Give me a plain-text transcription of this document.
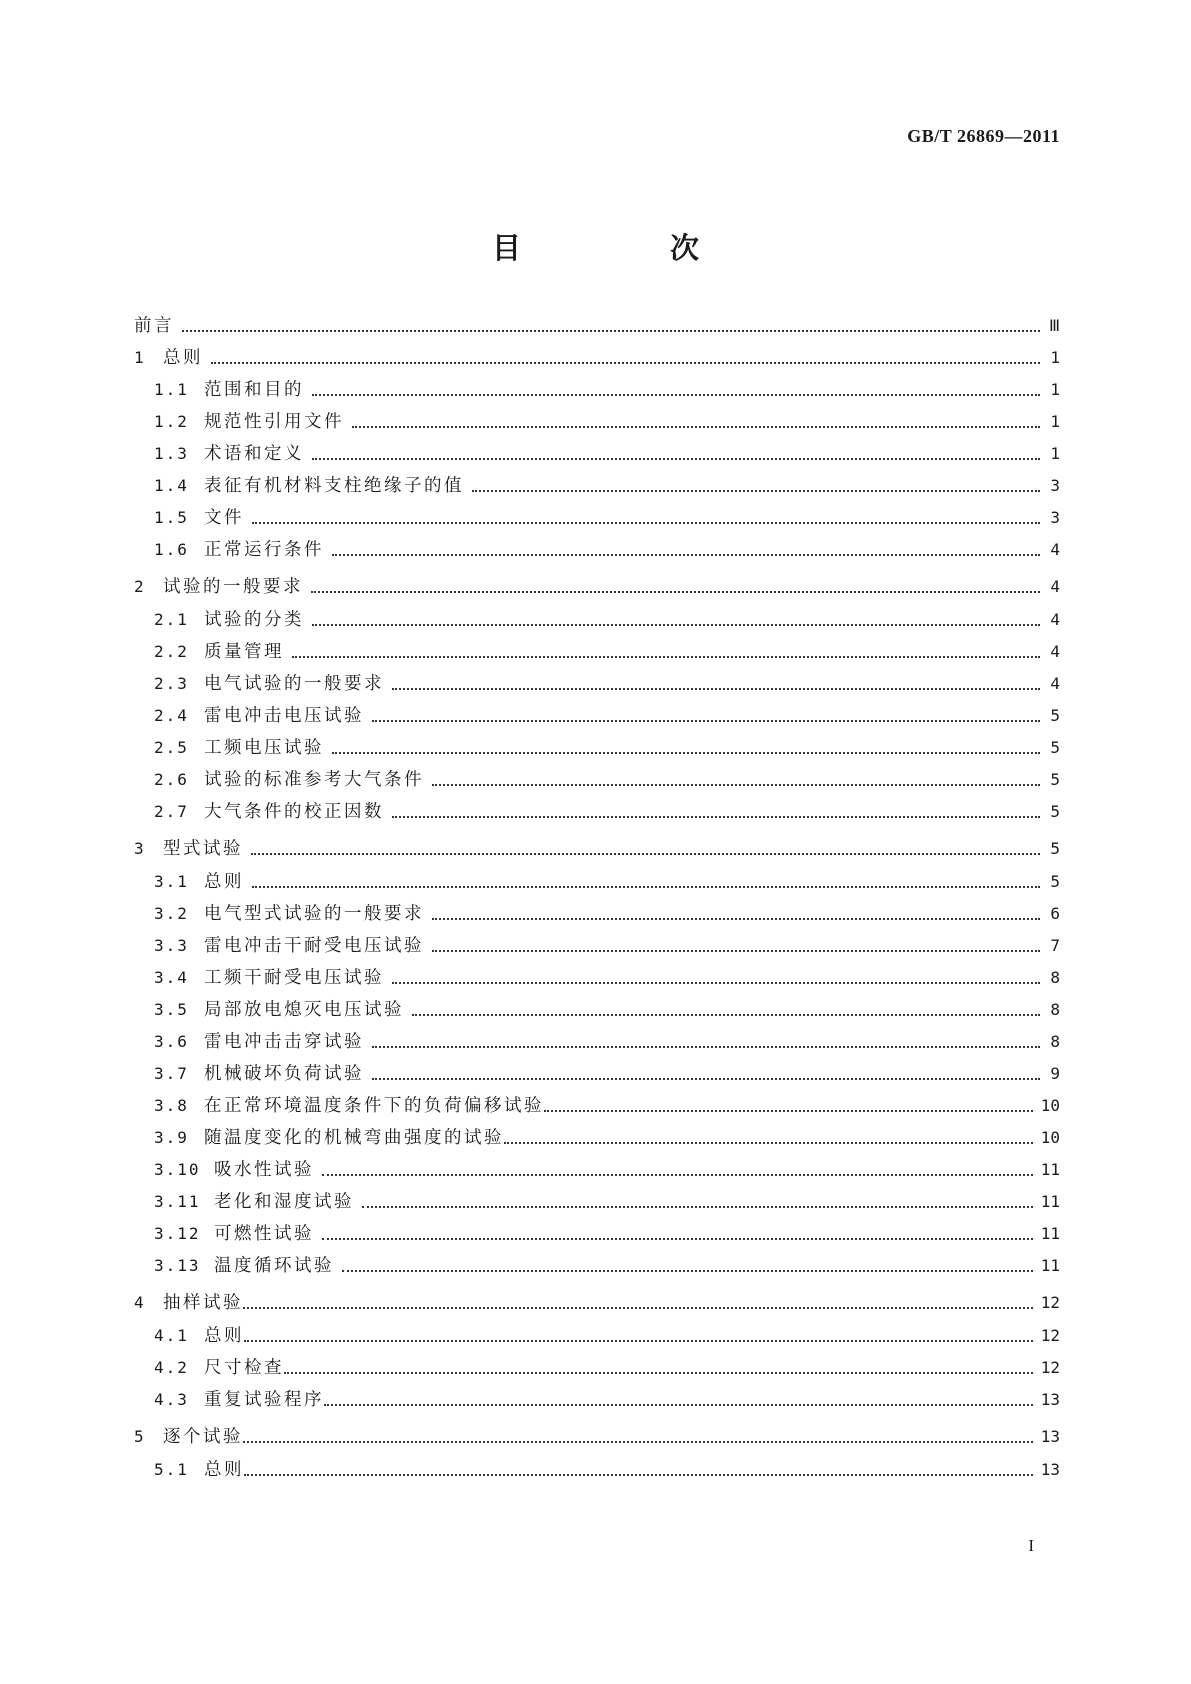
GB/T 26869—2011
目　次
前言	Ⅲ
1 总则	1
1.1 范围和目的	1
1.2 规范性引用文件	1
1.3 术语和定义	1
1.4 表征有机材料支柱绝缘子的值	3
1.5 文件	3
1.6 正常运行条件	4
2 试验的一般要求	4
2.1 试验的分类	4
2.2 质量管理	4
2.3 电气试验的一般要求	4
2.4 雷电冲击电压试验	5
2.5 工频电压试验	5
2.6 试验的标准参考大气条件	5
2.7 大气条件的校正因数	5
3 型式试验	5
3.1 总则	5
3.2 电气型式试验的一般要求	6
3.3 雷电冲击干耐受电压试验	7
3.4 工频干耐受电压试验	8
3.5 局部放电熄灭电压试验	8
3.6 雷电冲击击穿试验	8
3.7 机械破坏负荷试验	9
3.8 在正常环境温度条件下的负荷偏移试验	10
3.9 随温度变化的机械弯曲强度的试验	10
3.10 吸水性试验	11
3.11 老化和湿度试验	11
3.12 可燃性试验	11
3.13 温度循环试验	11
4 抽样试验	12
4.1 总则	12
4.2 尺寸检查	12
4.3 重复试验程序	13
5 逐个试验	13
5.1 总则	13
I
